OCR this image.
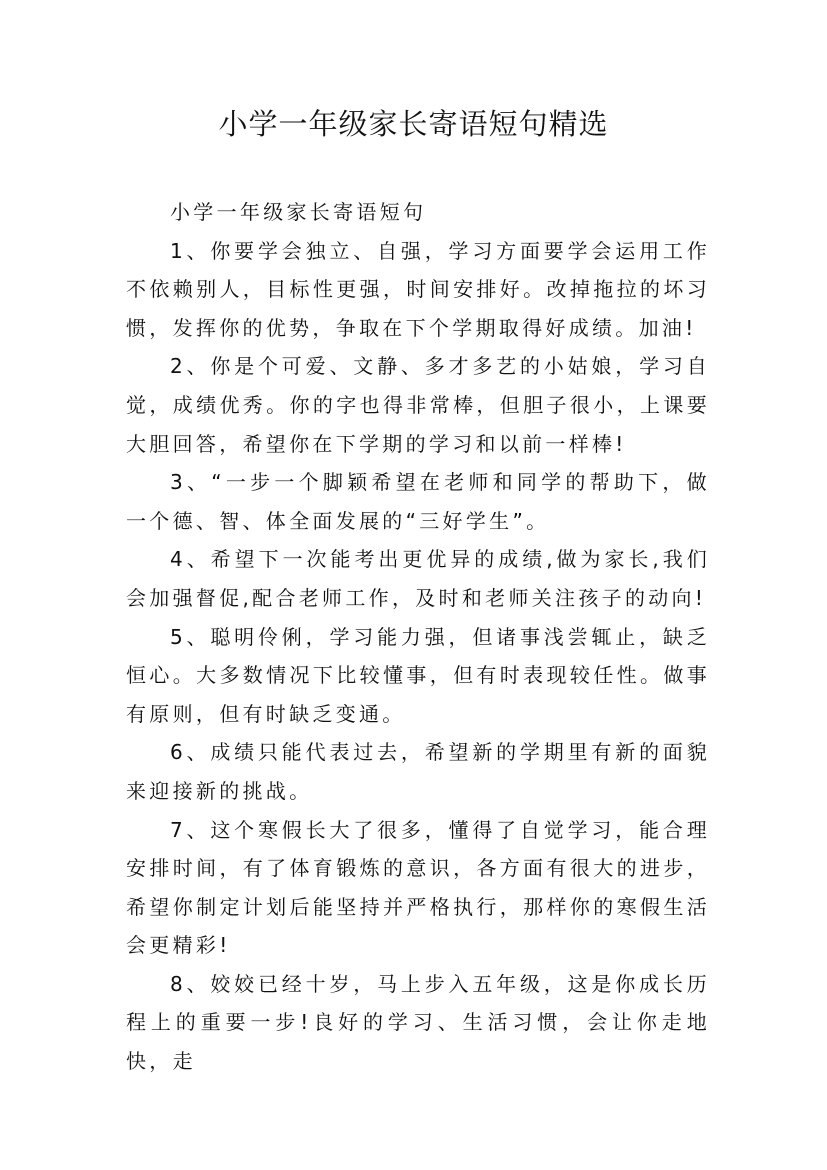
小学一年级家长寄语短句精选

小学一年级家长寄语短句

1、你要学会独立、自强，学习方面要学会运用工作不依赖别人，目标性更强，时间安排好。改掉拖拉的坏习惯，发挥你的优势，争取在下个学期取得好成绩。加油!

2、你是个可爱、文静、多才多艺的小姑娘，学习自觉，成绩优秀。你的字也得非常棒，但胆子很小，上课要大胆回答，希望你在下学期的学习和以前一样棒!

3、“一步一个脚颖希望在老师和同学的帮助下，做一个德、智、体全面发展的“三好学生”。

4、希望下一次能考出更优异的成绩,做为家长,我们会加强督促,配合老师工作，及时和老师关注孩子的动向!

5、聪明伶俐，学习能力强，但诸事浅尝辄止，缺乏恒心。大多数情况下比较懂事，但有时表现较任性。做事有原则，但有时缺乏变通。

6、成绩只能代表过去，希望新的学期里有新的面貌来迎接新的挑战。

7、这个寒假长大了很多，懂得了自觉学习，能合理安排时间，有了体育锻炼的意识，各方面有很大的进步，希望你制定计划后能坚持并严格执行，那样你的寒假生活会更精彩!

8、姣姣已经十岁，马上步入五年级，这是你成长历程上的重要一步!良好的学习、生活习惯，会让你走地快，走
